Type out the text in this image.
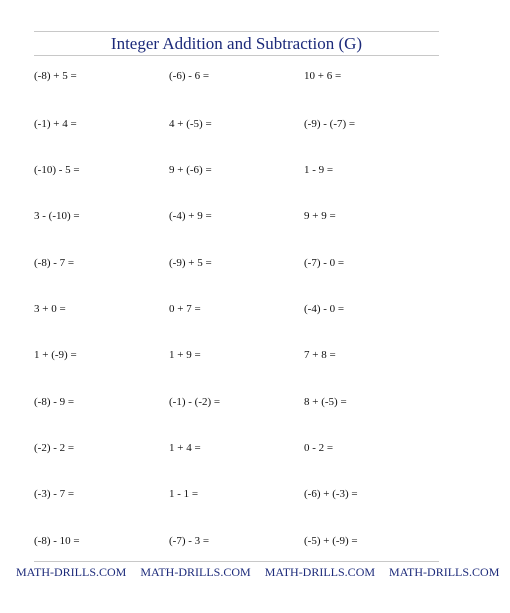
Integer Addition and Subtraction (G)
(-8) + 5 =	(-6) - 6 =	10 + 6 =
(-1) + 4 =	4 + (-5) =	(-9) - (-7) =
(-10) - 5 =	9 + (-6) =	1 - 9 =
3 - (-10) =	(-4) + 9 =	9 + 9 =
(-8) - 7 =	(-9) + 5 =	(-7) - 0 =
3 + 0 =	0 + 7 =	(-4) - 0 =
1 + (-9) =	1 + 9 =	7 + 8 =
(-8) - 9 =	(-1) - (-2) =	8 + (-5) =
(-2) - 2 =	1 + 4 =	0 - 2 =
(-3) - 7 =	1 - 1 =	(-6) + (-3) =
(-8) - 10 =	(-7) - 3 =	(-5) + (-9) =
MATH-DRILLS.COM MATH-DRILLS.COM MATH-DRILLS.COM MATH-DRILLS.COM
